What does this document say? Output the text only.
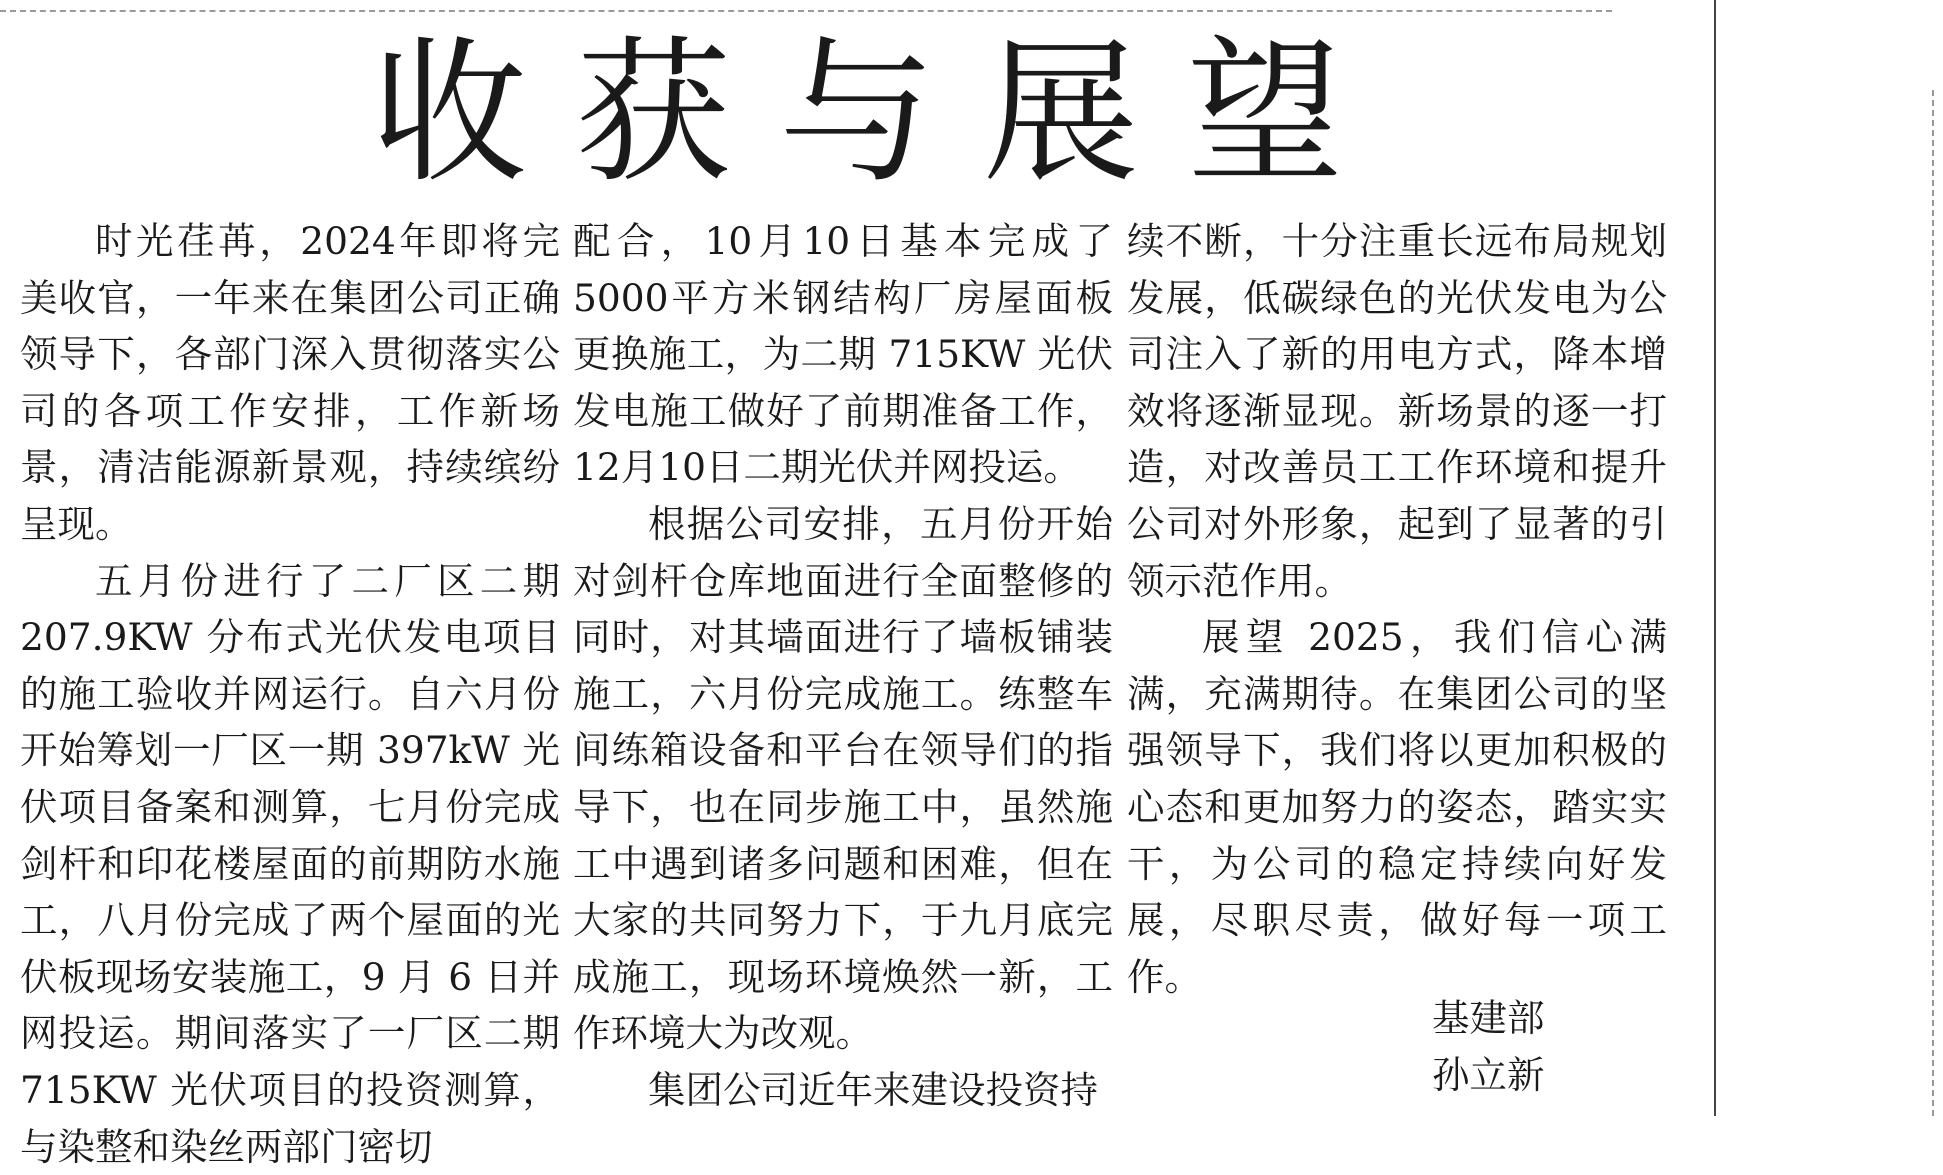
收获与展望

时光荏苒，2024年即将完美收官，一年来在集团公司正确领导下，各部门深入贯彻落实公司的各项工作安排，工作新场景，清洁能源新景观，持续缤纷呈现。

五月份进行了二厂区二期207.9KW 分布式光伏发电项目的施工验收并网运行。自六月份开始筹划一厂区一期 397kW 光伏项目备案和测算，七月份完成剑杆和印花楼屋面的前期防水施工，八月份完成了两个屋面的光伏板现场安装施工，9 月 6 日并网投运。期间落实了一厂区二期 715KW 光伏项目的投资测算，与染整和染丝两部门密切

配合，10月10日基本完成了5000平方米钢结构厂房屋面板更换施工，为二期 715KW 光伏发电施工做好了前期准备工作，12月10日二期光伏并网投运。

根据公司安排，五月份开始对剑杆仓库地面进行全面整修的同时，对其墙面进行了墙板铺装施工，六月份完成施工。练整车间练箱设备和平台在领导们的指导下，也在同步施工中，虽然施工中遇到诸多问题和困难，但在大家的共同努力下，于九月底完成施工，现场环境焕然一新，工作环境大为改观。

集团公司近年来建设投资持

续不断，十分注重长远布局规划发展，低碳绿色的光伏发电为公司注入了新的用电方式，降本增效将逐渐显现。新场景的逐一打造，对改善员工工作环境和提升公司对外形象，起到了显著的引领示范作用。

展望 2025，我们信心满满，充满期待。在集团公司的坚强领导下，我们将以更加积极的心态和更加努力的姿态，踏实实干，为公司的稳定持续向好发展，尽职尽责，做好每一项工作。

基建部
孙立新
